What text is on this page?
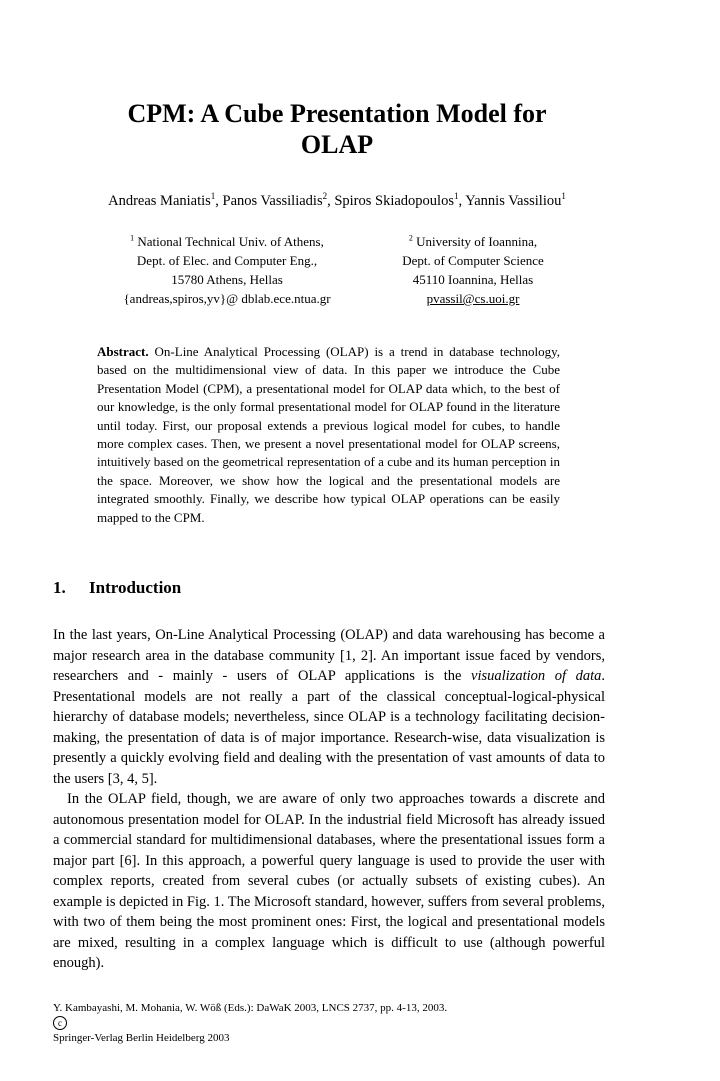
CPM: A Cube Presentation Model for
OLAP
Andreas Maniatis$^1$, Panos Vassiliadis$^2$, Spiros Skiadopoulos$^1$, Yannis Vassiliou$^1$
$^1$ National Technical Univ. of Athens,
Dept. of Elec. and Computer Eng.,
15780 Athens, Hellas
{andreas,spiros,yv}@ dblab.ece.ntua.gr
$^2$ University of Ioannina,
Dept. of Computer Science
45110 Ioannina, Hellas
pvassil@cs.uoi.gr
Abstract. On-Line Analytical Processing (OLAP) is a trend in database technology, based on the multidimensional view of data. In this paper we introduce the Cube Presentation Model (CPM), a presentational model for OLAP data which, to the best of our knowledge, is the only formal presentational model for OLAP found in the literature until today. First, our proposal extends a previous logical model for cubes, to handle more complex cases. Then, we present a novel presentational model for OLAP screens, intuitively based on the geometrical representation of a cube and its human perception in the space. Moreover, we show how the logical and the presentational models are integrated smoothly. Finally, we describe how typical OLAP operations can be easily mapped to the CPM.
1. Introduction

In the last years, On-Line Analytical Processing (OLAP) and data warehousing has become a major research area in the database community [1, 2]. An important issue faced by vendors, researchers and - mainly - users of OLAP applications is the visualization of data. Presentational models are not really a part of the classical conceptual-logical-physical hierarchy of database models; nevertheless, since OLAP is a technology facilitating decision-making, the presentation of data is of major importance. Research-wise, data visualization is presently a quickly evolving field and dealing with the presentation of vast amounts of data to the users [3, 4, 5].

In the OLAP field, though, we are aware of only two approaches towards a discrete and autonomous presentation model for OLAP. In the industrial field Microsoft has already issued a commercial standard for multidimensional databases, where the presentational issues form a major part [6]. In this approach, a powerful query language is used to provide the user with complex reports, created from several cubes (or actually subsets of existing cubes). An example is depicted in Fig. 1. The Microsoft standard, however, suffers from several problems, with two of them being the most prominent ones: First, the logical and presentational models are mixed, resulting in a complex language which is difficult to use (although powerful enough).

Y. Kambayashi, M. Mohania, W. Wöß (Eds.): DaWaK 2003, LNCS 2737, pp. 4-13, 2003.
c
Springer-Verlag Berlin Heidelberg 2003
